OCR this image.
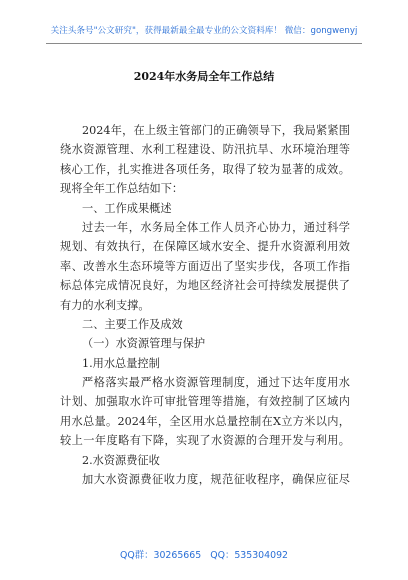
关注头条号"公文研究"，获得最新最全最专业的公文资料库！ 微信：gongwenyj
2024年水务局全年工作总结
2024年，在上级主管部门的正确领导下，我局紧紧围
绕水资源管理、水利工程建设、防汛抗旱、水环境治理等
核心工作，扎实推进各项任务，取得了较为显著的成效。
现将全年工作总结如下：
一、工作成果概述
过去一年，水务局全体工作人员齐心协力，通过科学
规划、有效执行，在保障区域水安全、提升水资源利用效
率、改善水生态环境等方面迈出了坚实步伐，各项工作指
标总体完成情况良好，为地区经济社会可持续发展提供了
有力的水利支撑。
二、主要工作及成效
（一）水资源管理与保护
1.用水总量控制
严格落实最严格水资源管理制度，通过下达年度用水
计划、加强取水许可审批管理等措施，有效控制了区域内
用水总量。2024年，全区用水总量控制在X立方米以内，
较上一年度略有下降，实现了水资源的合理开发与利用。
2.水资源费征收
加大水资源费征收力度，规范征收程序，确保应征尽
QQ群：30265665 QQ：535304092
